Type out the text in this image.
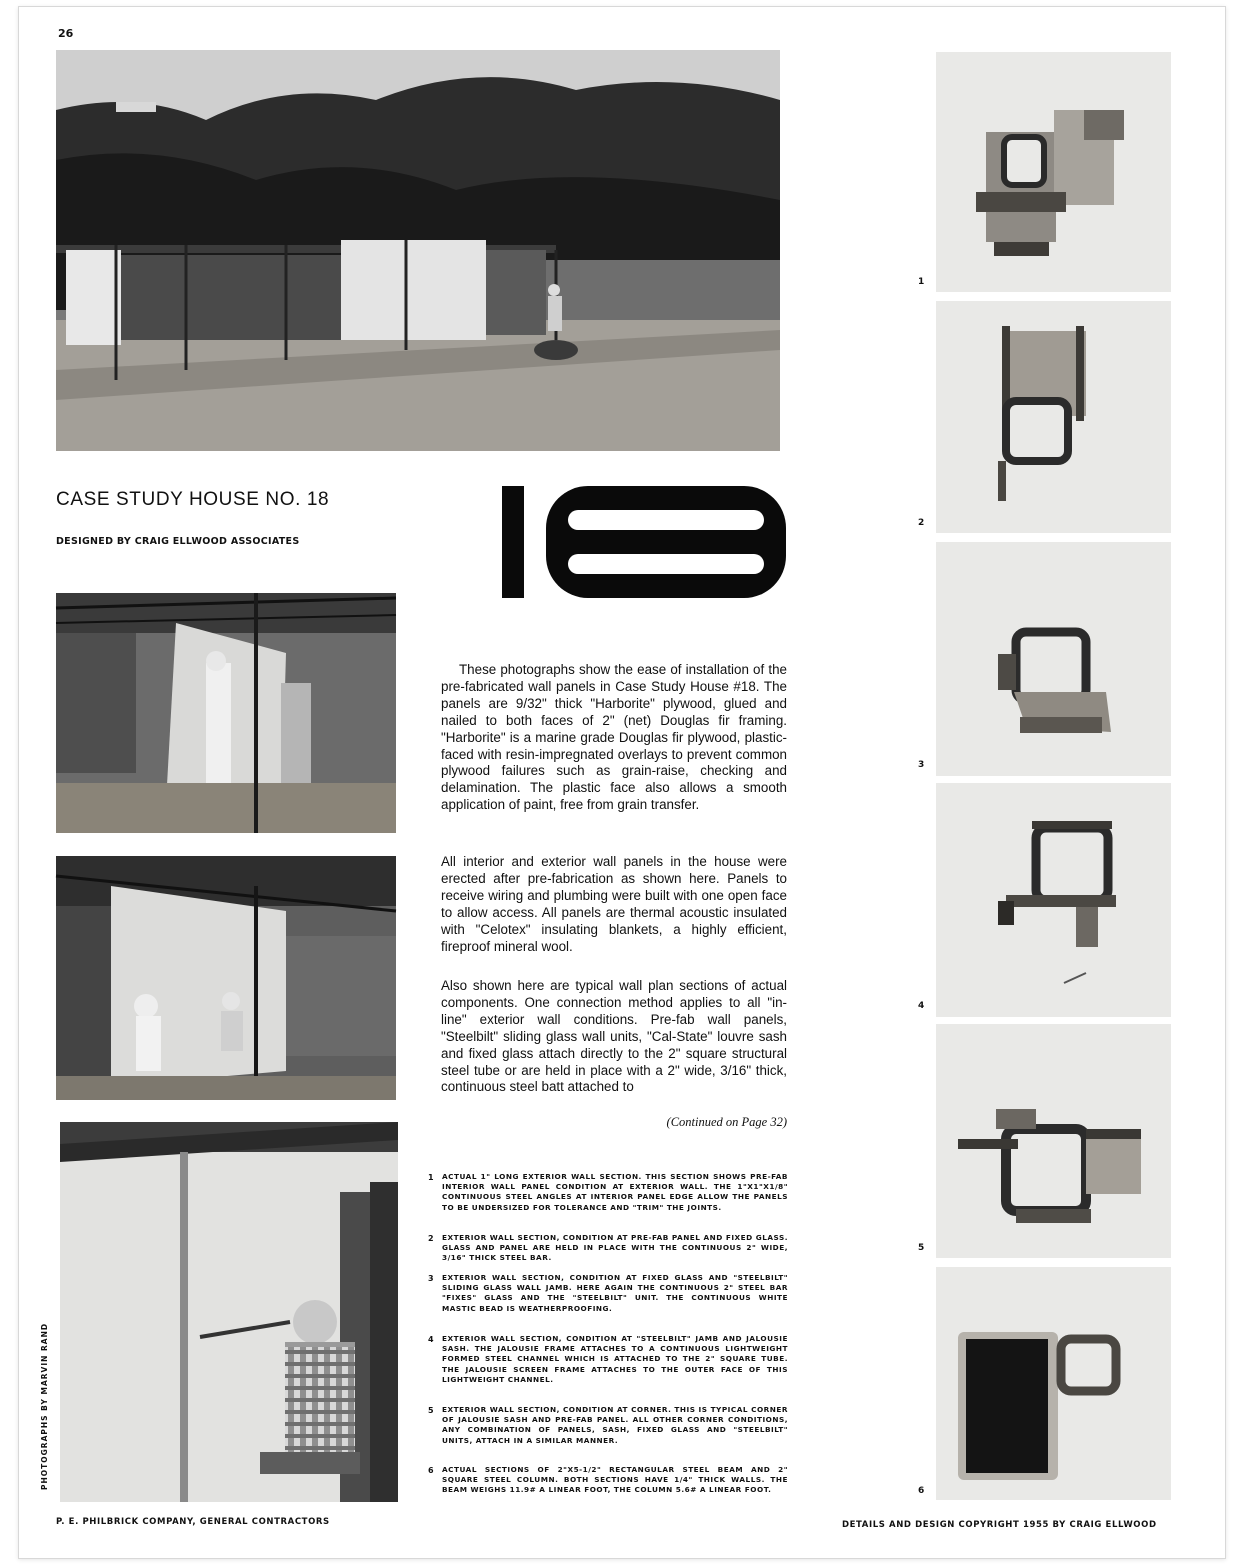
26
CASE STUDY HOUSE NO. 18
DESIGNED BY CRAIG ELLWOOD ASSOCIATES

These photographs show the ease of installation of the pre-fabricated wall panels in Case Study House #18. The panels are 9/32" thick "Harborite" plywood, glued and nailed to both faces of 2" (net) Douglas fir framing. "Harborite" is a marine grade Douglas fir plywood, plastic-faced with resin-impregnated overlays to prevent common plywood failures such as grain-raise, checking and delamination. The plastic face also allows a smooth application of paint, free from grain transfer.

All interior and exterior wall panels in the house were erected after pre-fabrication as shown here. Panels to receive wiring and plumbing were built with one open face to allow access. All panels are thermal acoustic insulated with "Celotex" insulating blankets, a highly efficient, fireproof mineral wool.

Also shown here are typical wall plan sections of actual components. One connection method applies to all "in-line" exterior wall conditions. Pre-fab wall panels, "Steelbilt" sliding glass wall units, "Cal-State" louvre sash and fixed glass attach directly to the 2" square structural steel tube or are held in place with a 2" wide, 3/16" thick, continuous steel batt attached to

(Continued on Page 32)
1 ACTUAL 1" LONG EXTERIOR WALL SECTION. THIS SECTION SHOWS PRE-FAB INTERIOR WALL PANEL CONDITION AT EXTERIOR WALL. THE 1"X1"X1/8" CONTINUOUS STEEL ANGLES AT INTERIOR PANEL EDGE ALLOW THE PANELS TO BE UNDERSIZED FOR TOLERANCE AND "TRIM" THE JOINTS.
2 EXTERIOR WALL SECTION, CONDITION AT PRE-FAB PANEL AND FIXED GLASS. GLASS AND PANEL ARE HELD IN PLACE WITH THE CONTINUOUS 2" WIDE, 3/16" THICK STEEL BAR.
3 EXTERIOR WALL SECTION, CONDITION AT FIXED GLASS AND "STEELBILT" SLIDING GLASS WALL JAMB. HERE AGAIN THE CONTINUOUS 2" STEEL BAR "FIXES" GLASS AND THE "STEELBILT" UNIT. THE CONTINUOUS WHITE MASTIC BEAD IS WEATHERPROOFING.
4 EXTERIOR WALL SECTION, CONDITION AT "STEELBILT" JAMB AND JALOUSIE SASH. THE JALOUSIE FRAME ATTACHES TO A CONTINUOUS LIGHTWEIGHT FORMED STEEL CHANNEL WHICH IS ATTACHED TO THE 2" SQUARE TUBE. THE JALOUSIE SCREEN FRAME ATTACHES TO THE OUTER FACE OF THIS LIGHTWEIGHT CHANNEL.
5 EXTERIOR WALL SECTION, CONDITION AT CORNER. THIS IS TYPICAL CORNER OF JALOUSIE SASH AND PRE-FAB PANEL. ALL OTHER CORNER CONDITIONS, ANY COMBINATION OF PANELS, SASH, FIXED GLASS AND "STEELBILT" UNITS, ATTACH IN A SIMILAR MANNER.
6 ACTUAL SECTIONS OF 2"X5-1/2" RECTANGULAR STEEL BEAM AND 2" SQUARE STEEL COLUMN. BOTH SECTIONS HAVE 1/4" THICK WALLS. THE BEAM WEIGHS 11.9# A LINEAR FOOT, THE COLUMN 5.6# A LINEAR FOOT.
1
2
3
4
5
6
PHOTOGRAPHS BY MARVIN RAND
P. E. PHILBRICK COMPANY, GENERAL CONTRACTORS	DETAILS AND DESIGN COPYRIGHT 1955 BY CRAIG ELLWOOD
